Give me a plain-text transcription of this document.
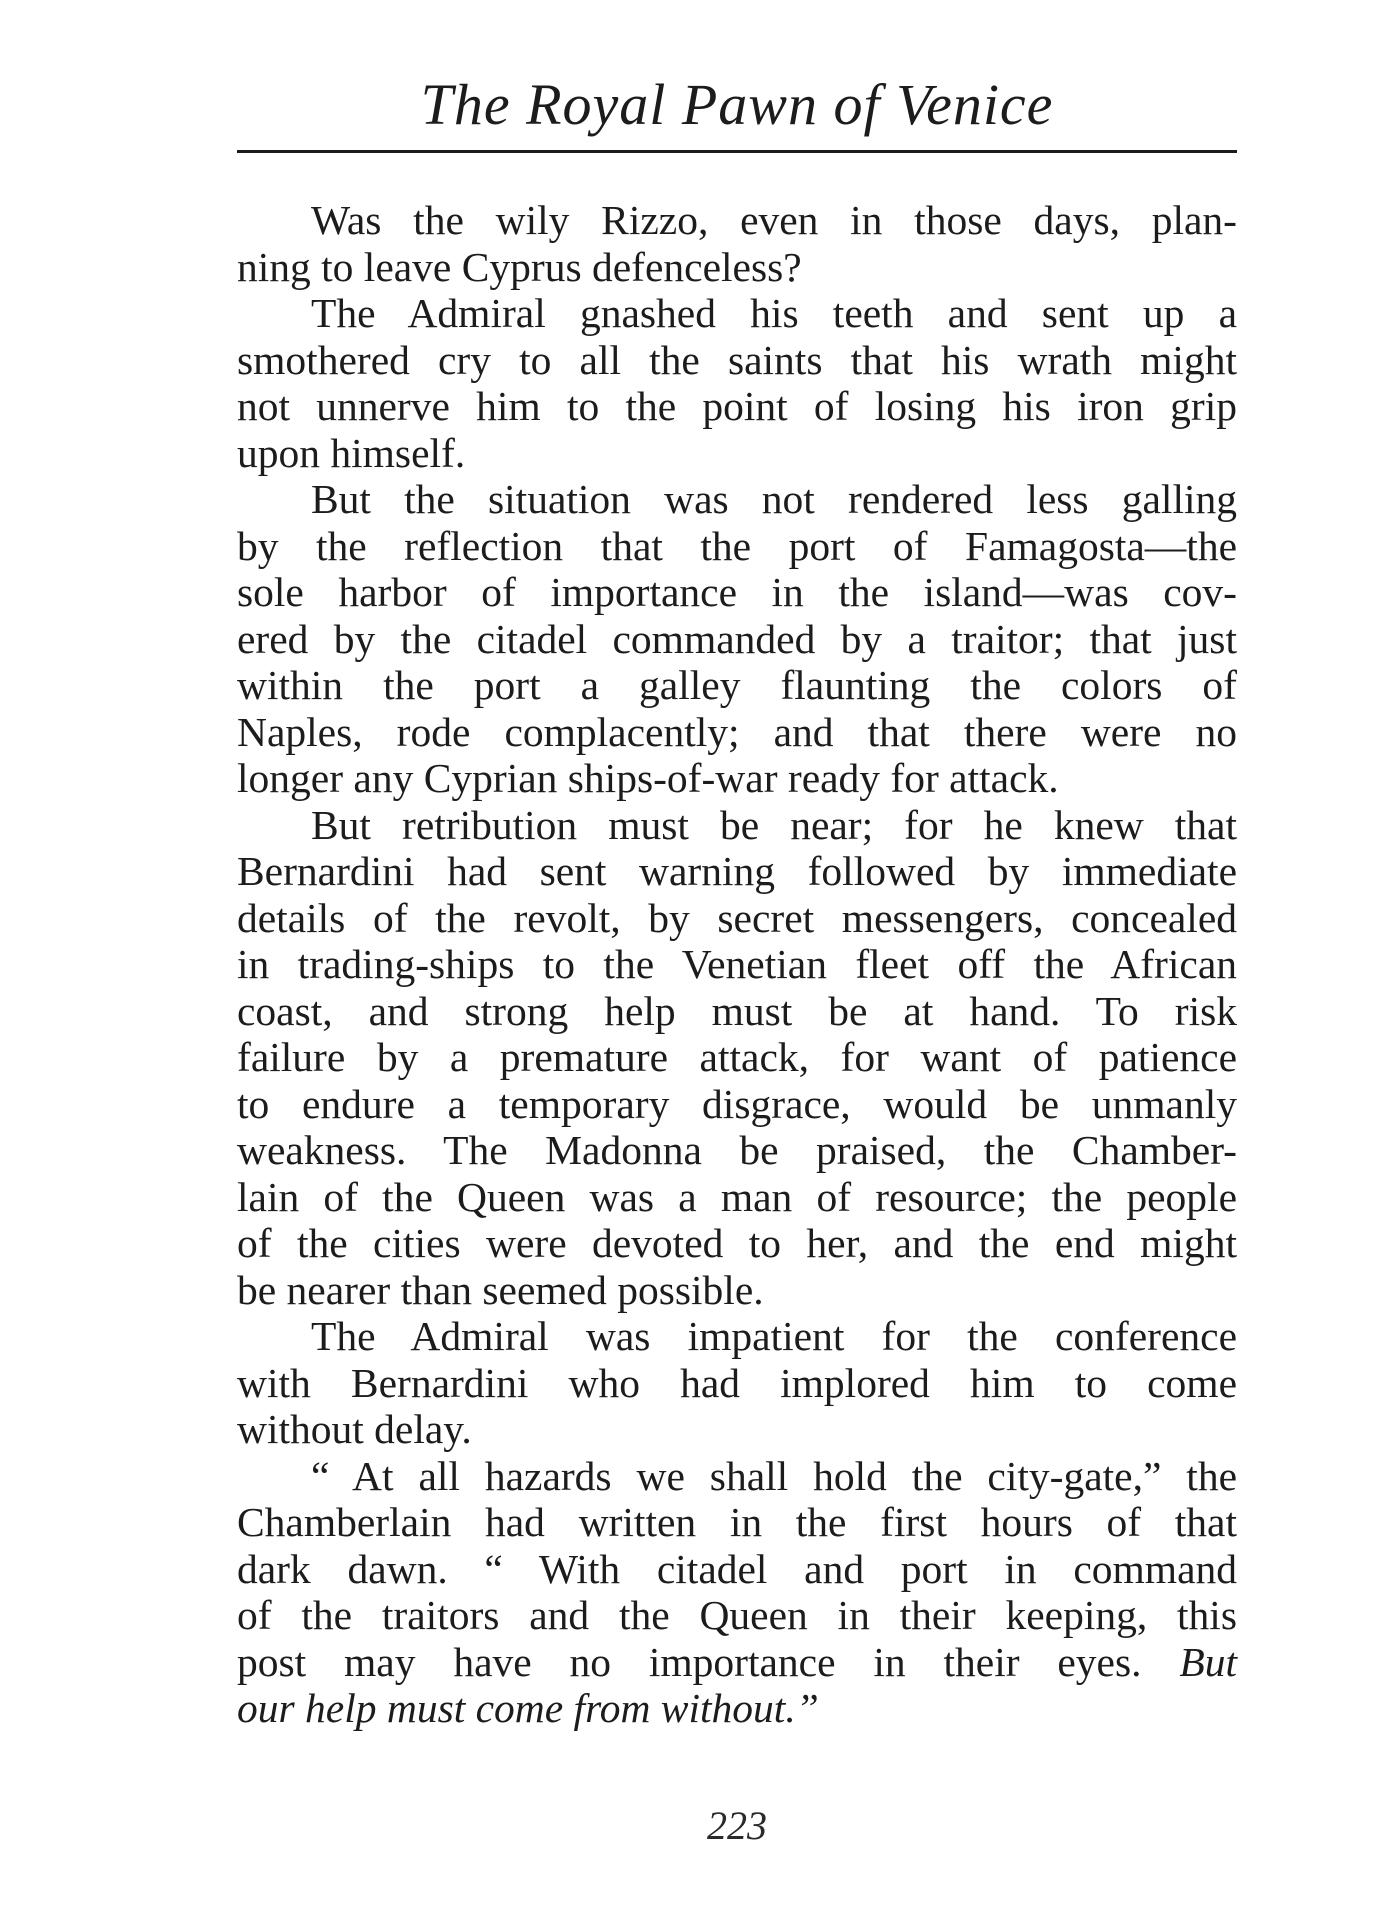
The Royal Pawn of Venice
Was the wily Rizzo, even in those days, plan-
ning to leave Cyprus defenceless?
The Admiral gnashed his teeth and sent up a
smothered cry to all the saints that his wrath might
not unnerve him to the point of losing his iron grip
upon himself.
But the situation was not rendered less galling
by the reflection that the port of Famagosta—the
sole harbor of importance in the island—was cov-
ered by the citadel commanded by a traitor; that just
within the port a galley flaunting the colors of
Naples, rode complacently; and that there were no
longer any Cyprian ships-of-war ready for attack.
But retribution must be near; for he knew that
Bernardini had sent warning followed by immediate
details of the revolt, by secret messengers, concealed
in trading-ships to the Venetian fleet off the African
coast, and strong help must be at hand. To risk
failure by a premature attack, for want of patience
to endure a temporary disgrace, would be unmanly
weakness. The Madonna be praised, the Chamber-
lain of the Queen was a man of resource; the people
of the cities were devoted to her, and the end might
be nearer than seemed possible.
The Admiral was impatient for the conference
with Bernardini who had implored him to come
without delay.
“ At all hazards we shall hold the city-gate,” the
Chamberlain had written in the first hours of that
dark dawn. “ With citadel and port in command
of the traitors and the Queen in their keeping, this
post may have no importance in their eyes. But
our help must come from without.”
223
